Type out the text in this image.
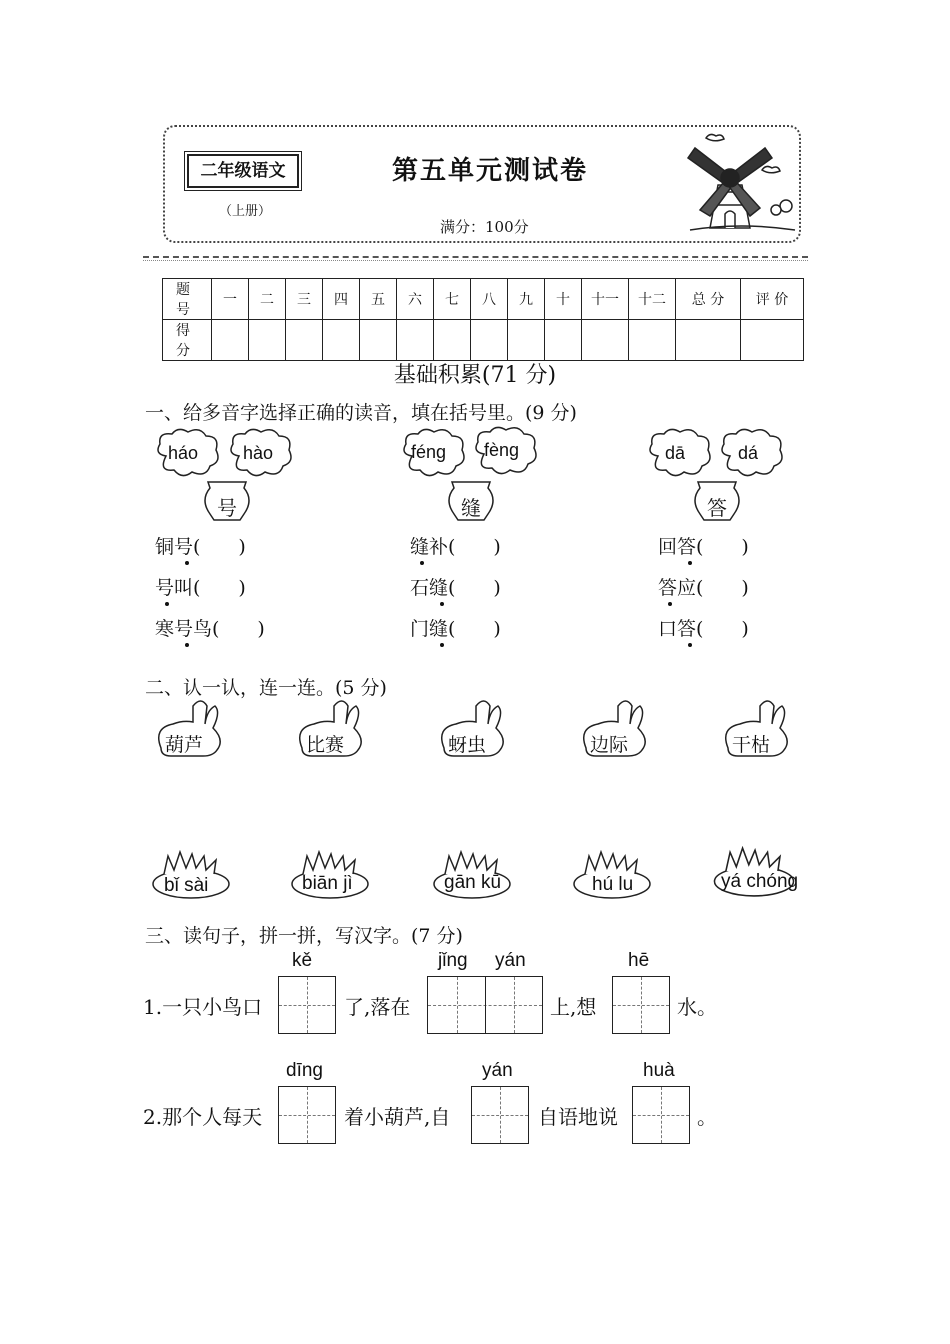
二年级语文
（上册）
第五单元测试卷
满分：100分
题 号	一	二	三	四	五	六	七	八	九	十	十一	十二	总 分	评 价
得 分														
基础积累(71 分)
一、给多音字选择正确的读音，填在括号里。(9 分)
háo hào
号
féng fèng
缝
dā	dá
答
铜号(　　)
号叫(　　)
寒号鸟(　　)
缝补(　　)
石缝(　　)
门缝(　　)
回答(　　)
答应(　　)
口答(　　)
二、认一认，连一连。(5 分)
葫芦	比赛	蚜虫	边际	干枯
bǐ sài	biān jì	gān kū	hú lu	yá chóng
三、读句子，拼一拼，写汉字。(7 分)
1.一只小鸟口
kě
了,落在
jǐng yán
上,想
hē
水。
2.那个人每天
dīng
着小葫芦,自
yán
自语地说
huà
。
